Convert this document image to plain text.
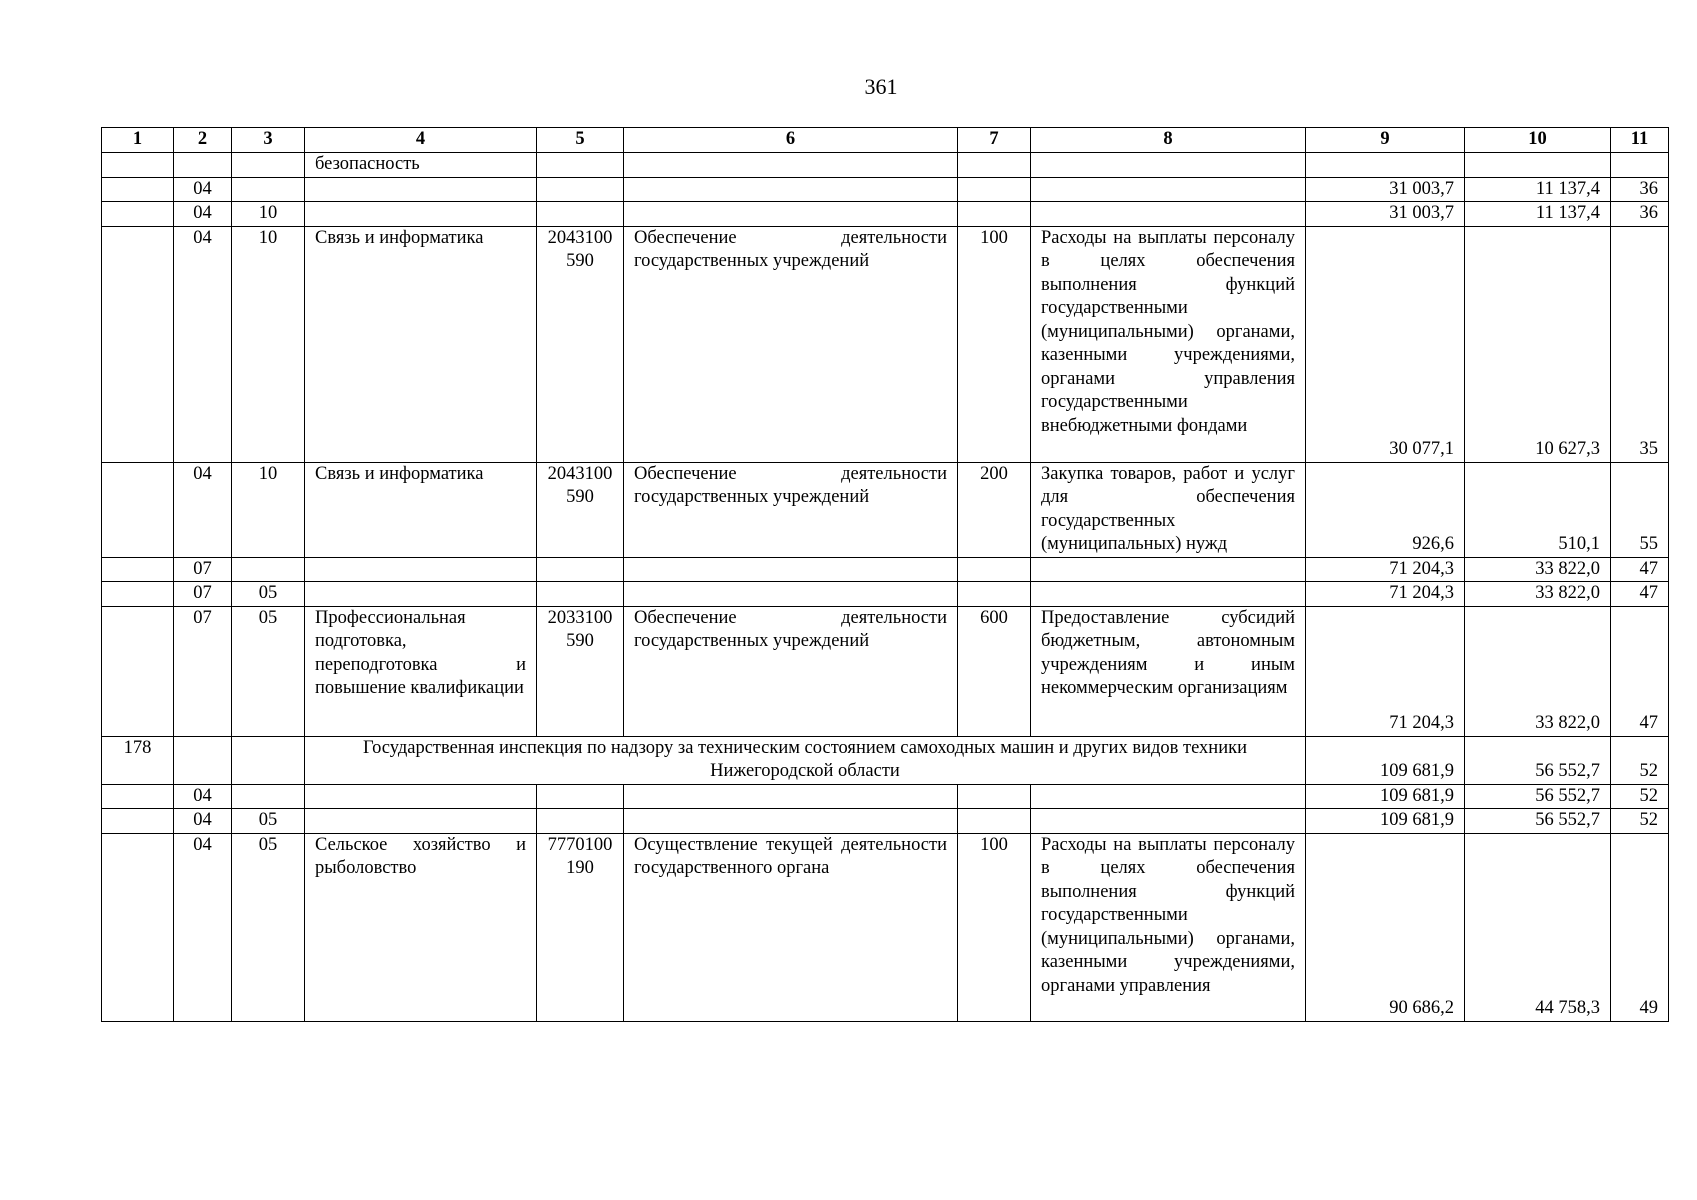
361
1	2	3	4	5	6	7	8	9	10	11
			безопасность							
	04							31 003,7	11 137,4	36
	04	10						31 003,7	11 137,4	36
	04	10	Связь и информатика	2043100590	Обеспечение деятельности государственных учреждений	100	Расходы на выплаты персоналу в целях обеспечения выполнения функций государственными (муниципальными) органами, казенными учреждениями, органами управления государственными внебюджетными фондами	30 077,1	10 627,3	35
	04	10	Связь и информатика	2043100590	Обеспечение деятельности государственных учреждений	200	Закупка товаров, работ и услуг для обеспечения государственных (муниципальных) нужд	926,6	510,1	55
	07							71 204,3	33 822,0	47
	07	05						71 204,3	33 822,0	47
	07	05	Профессиональная подготовка, переподготовка и повышение квалификации	2033100590	Обеспечение деятельности государственных учреждений	600	Предоставление субсидий бюджетным, автономным учреждениям и иным некоммерческим организациям	71 204,3	33 822,0	47
178			Государственная инспекция по надзору за техническим состоянием самоходных машин и других видов техники Нижегородской области					109 681,9	56 552,7	52
	04							109 681,9	56 552,7	52
	04	05						109 681,9	56 552,7	52
	04	05	Сельское хозяйство и рыболовство	7770100190	Осуществление текущей деятельности государственного органа	100	Расходы на выплаты персоналу в целях обеспечения выполнения функций государственными (муниципальными) органами, казенными учреждениями, органами управления	90 686,2	44 758,3	49
